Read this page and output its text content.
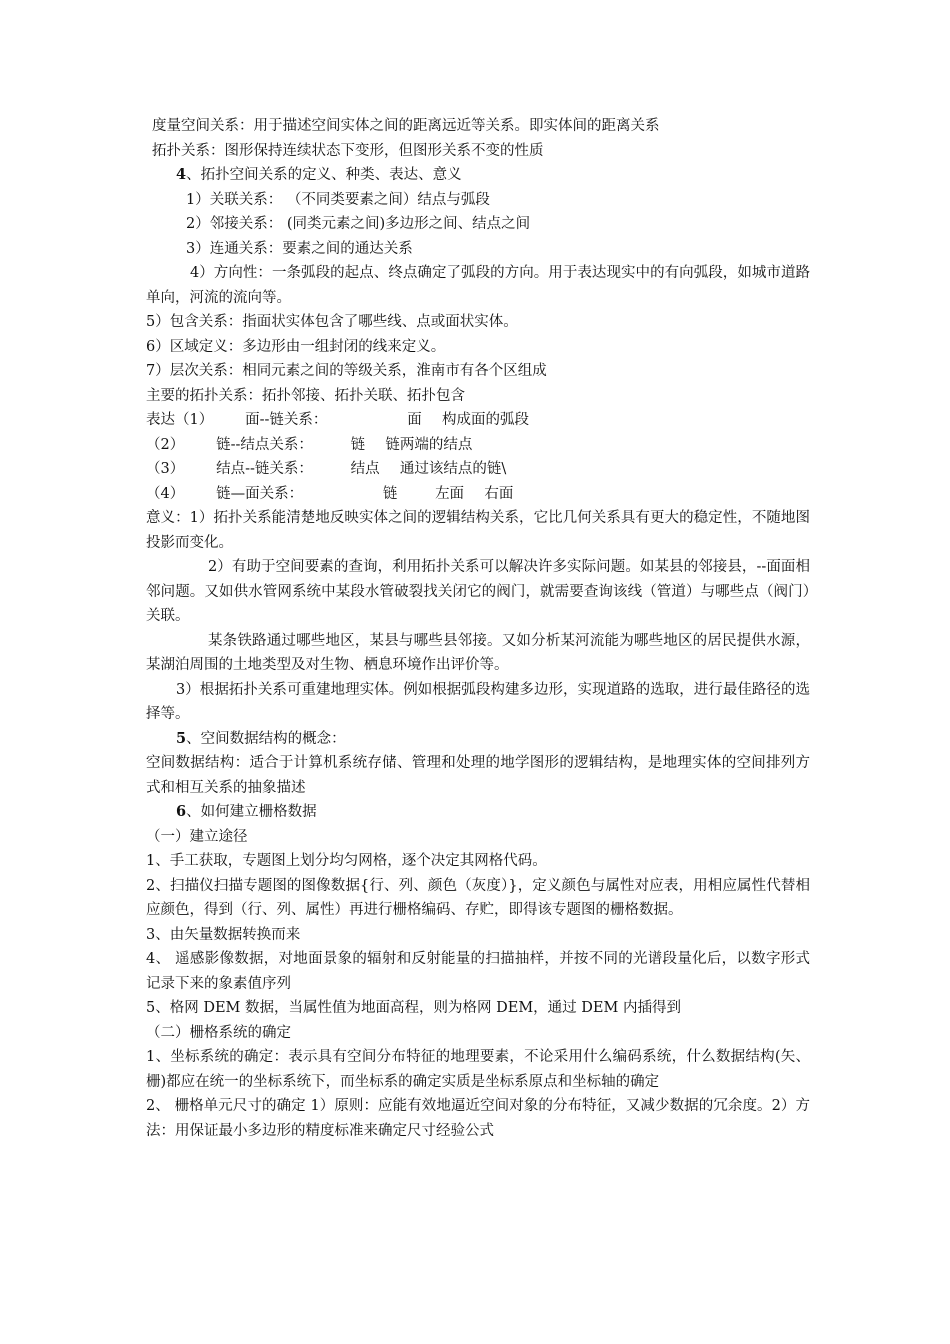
度量空间关系：用于描述空间实体之间的距离远近等关系。即实体间的距离关系
拓扑关系：图形保持连续状态下变形，但图形关系不变的性质
4、拓扑空间关系的定义、种类、表达、意义
1）关联关系： （不同类要素之间）结点与弧段
2）邻接关系： (同类元素之间)多边形之间、结点之间
3）连通关系：要素之间的通达关系
4）方向性：一条弧段的起点、终点确定了弧段的方向。用于表达现实中的有向弧段，如城市道路单向，河流的流向等。
5）包含关系：指面状实体包含了哪些线、点或面状实体。
6）区域定义：多边形由一组封闭的线来定义。
7）层次关系：相同元素之间的等级关系，淮南市有各个区组成
主要的拓扑关系：拓扑邻接、拓扑关联、拓扑包含
表达（1） 面--链关系：	面 构成面的弧段
（2） 链--结点关系：	链 链两端的结点
（3） 结点--链关系：	结点 通过该结点的链\
（4） 链—面关系：	链	左面 右面
意义：1）拓扑关系能清楚地反映实体之间的逻辑结构关系，它比几何关系具有更大的稳定性，不随地图投影而变化。
2）有助于空间要素的查询，利用拓扑关系可以解决许多实际问题。如某县的邻接县，--面面相邻问题。又如供水管网系统中某段水管破裂找关闭它的阀门，就需要查询该线（管道）与哪些点（阀门）关联。
某条铁路通过哪些地区，某县与哪些县邻接。又如分析某河流能为哪些地区的居民提供水源，某湖泊周围的土地类型及对生物、栖息环境作出评价等。
3）根据拓扑关系可重建地理实体。例如根据弧段构建多边形，实现道路的选取，进行最佳路径的选择等。
5、空间数据结构的概念：
空间数据结构：适合于计算机系统存储、管理和处理的地学图形的逻辑结构，是地理实体的空间排列方式和相互关系的抽象描述
6、如何建立栅格数据
（一）建立途径
1、手工获取，专题图上划分均匀网格，逐个决定其网格代码。
2、扫描仪扫描专题图的图像数据{行、列、颜色（灰度）}，定义颜色与属性对应表，用相应属性代替相应颜色，得到（行、列、属性）再进行栅格编码、存贮，即得该专题图的栅格数据。
3、由矢量数据转换而来
4、 遥感影像数据，对地面景象的辐射和反射能量的扫描抽样，并按不同的光谱段量化后，以数字形式记录下来的象素值序列
5、格网 DEM 数据，当属性值为地面高程，则为格网 DEM，通过 DEM 内插得到
（二）栅格系统的确定
1、坐标系统的确定：表示具有空间分布特征的地理要素，不论采用什么编码系统，什么数据结构(矢、栅)都应在统一的坐标系统下，而坐标系的确定实质是坐标系原点和坐标轴的确定
2、 栅格单元尺寸的确定 1）原则：应能有效地逼近空间对象的分布特征，又减少数据的冗余度。2）方法：用保证最小多边形的精度标准来确定尺寸经验公式
